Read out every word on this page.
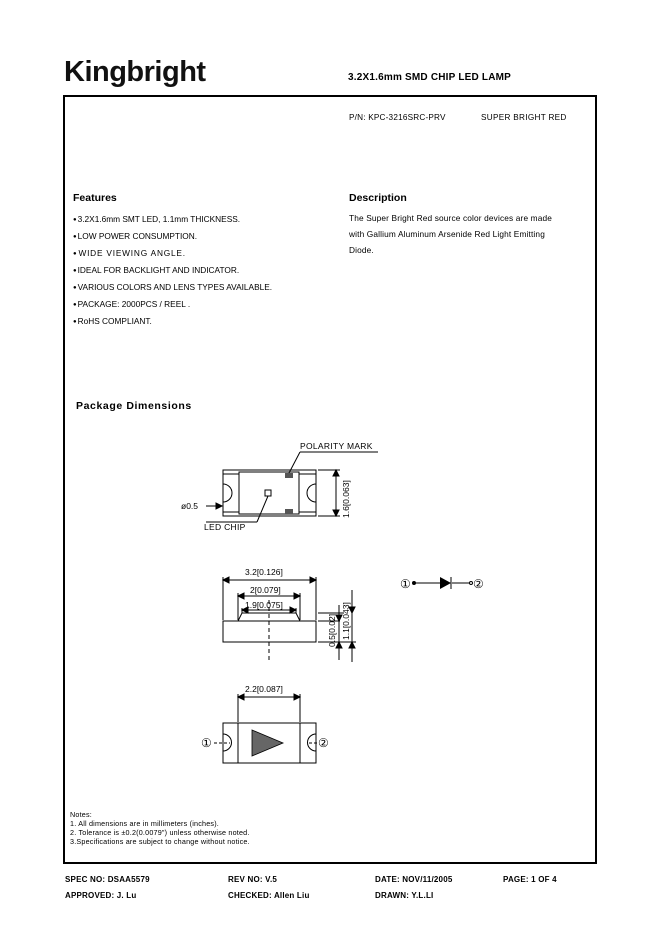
Kingbright	3.2X1.6mm SMD CHIP LED LAMP
P/N: KPC-3216SRC-PRV	SUPER BRIGHT RED
Features
● 3.2X1.6mm SMT LED, 1.1mm THICKNESS.
● LOW POWER CONSUMPTION.
● WIDE VIEWING ANGLE.
● IDEAL FOR BACKLIGHT AND INDICATOR.
● VARIOUS COLORS AND LENS TYPES AVAILABLE.
● PACKAGE: 2000PCS / REEL .
● RoHS COMPLIANT.
Description
The Super Bright Red source color devices are made
with Gallium Aluminum Arsenide Red Light Emitting
Diode.
Package Dimensions
POLARITY MARK
LED CHIP
ø0.5	1.6[0.063]
3.2[0.126]
2[0.079]
1.9[0.075]
0.5[0.02] 1.1[0.043]
2.2[0.087]
①	②
①	②
Notes:
1. All dimensions are in millimeters (inches).
2. Tolerance is ±0.2(0.0079") unless otherwise noted.
3.Specifications are subject to change without notice.
SPEC NO: DSAA5579	REV NO: V.5	DATE: NOV/11/2005	PAGE: 1 OF 4
APPROVED: J. Lu	CHECKED: Allen Liu	DRAWN: Y.L.LI
